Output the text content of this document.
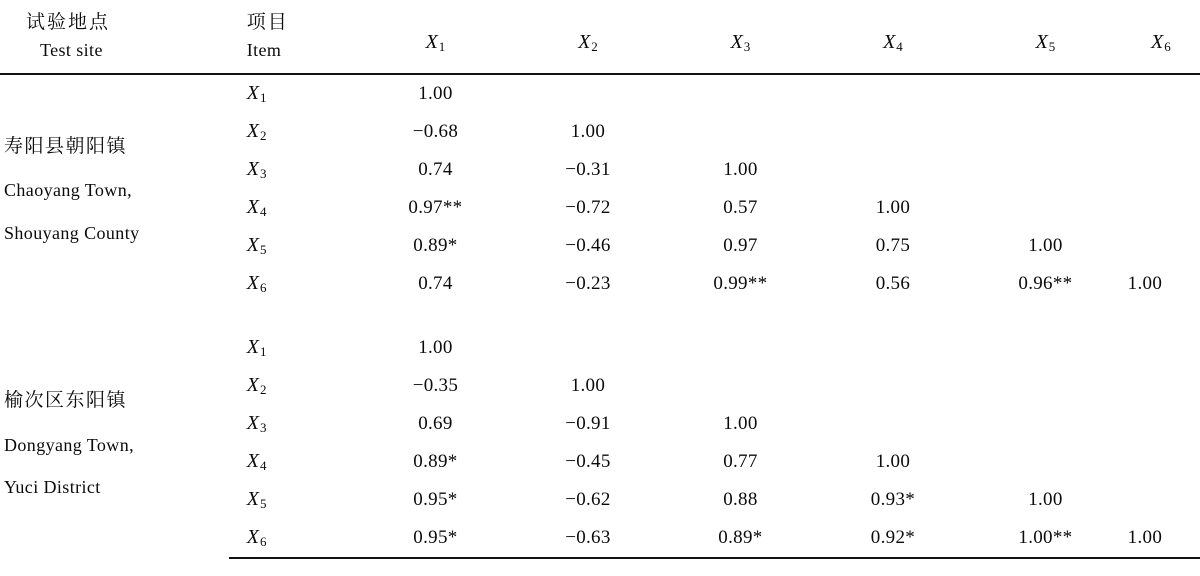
试验地点
Test site	项目
Item	$X_1$	$X_2$	$X_3$	$X_4$	$X_5$	$X_6$

寿阳县朝阳镇
Chaoyang Town,
Shouyang County	$X_1$	1.00					
	$X_2$	−0.68	1.00				
	$X_3$	0.74	−0.31	1.00			
	$X_4$	0.97**	−0.72	0.57	1.00		
	$X_5$	0.89*	−0.46	0.97	0.75	1.00	
	$X_6$	0.74	−0.23	0.99**	0.56	0.96**	1.00

榆次区东阳镇
Dongyang Town,
Yuci District	$X_1$	1.00					
	$X_2$	−0.35	1.00				
	$X_3$	0.69	−0.91	1.00			
	$X_4$	0.89*	−0.45	0.77	1.00		
	$X_5$	0.95*	−0.62	0.88	0.93*	1.00	
	$X_6$	0.95*	−0.63	0.89*	0.92*	1.00**	1.00
